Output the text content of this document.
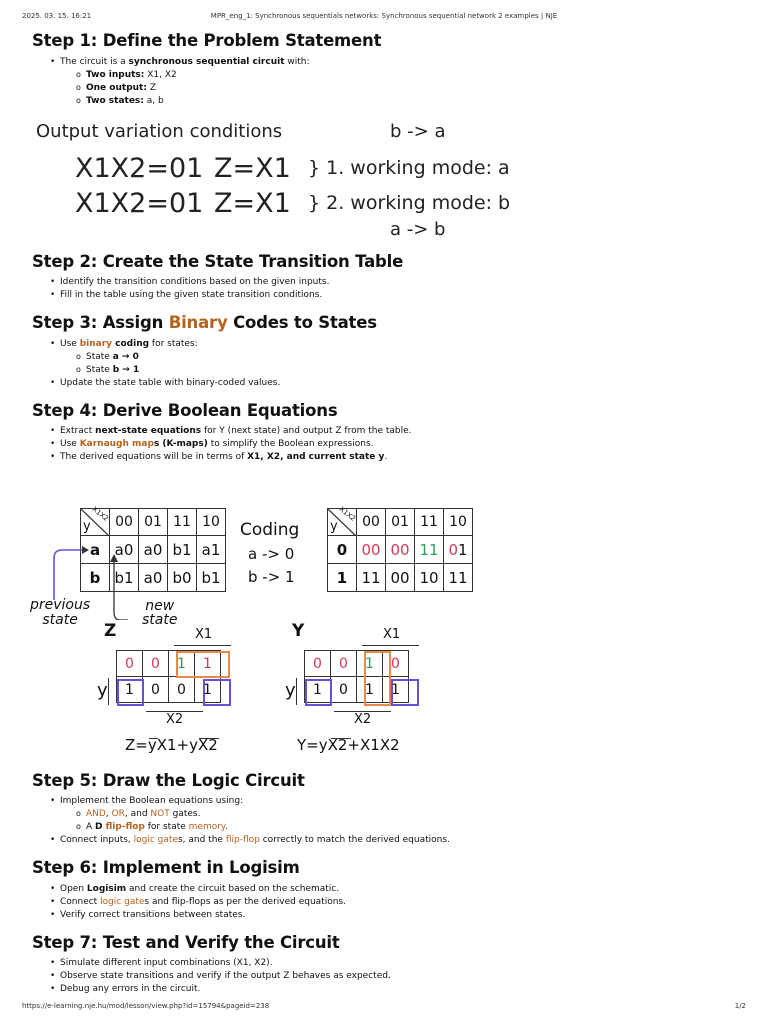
2025. 03. 15. 16:21	MPR_eng_1: Synchronous sequentials networks: Synchronous sequential network 2 examples | NJE
Step 1: Define the Problem Statement
• The circuit is a synchronous sequential circuit with:
o Two inputs: X1, X2
o One output: Z
o Two states: a, b
Output variation conditions	b -> a
X1X2=01 Z=X1 } 1. working mode: a
X1X2=01 Z=X1 } 2. working mode: b
a -> b
Step 2: Create the State Transition Table
• Identify the transition conditions based on the given inputs.
• Fill in the table using the given state transition conditions.
Step 3: Assign Binary Codes to States
• Use binary coding for states:
o State a → 0
o State b → 1
• Update the state table with binary-coded values.
Step 4: Derive Boolean Equations
• Extract next-state equations for Y (next state) and output Z from the table.
• Use Karnaugh maps (K-maps) to simplify the Boolean expressions.
• The derived equations will be in terms of X1, X2, and current state y.
y
X1X2	00	01	11	10
a	a0	a0	b1	a1
b	b1	a0	b0	b1
previous
state
new
state
Coding
a -> 0
b -> 1
y
X1X2	00	01	11	10
0	00	00	11	01
1	11	00	10	11
Z	X1
0	0	1	1
1	0	0	1
y
X2
Z=yX1+yX2
Y	X1
0	0	1	0
1	0	1	1
y
X2
Y=yX2+X1X2
Step 5: Draw the Logic Circuit
• Implement the Boolean equations using:
o AND, OR, and NOT gates.
o A D flip-flop for state memory.
• Connect inputs, logic gates, and the flip-flop correctly to match the derived equations.
Step 6: Implement in Logisim
• Open Logisim and create the circuit based on the schematic.
• Connect logic gates and flip-flops as per the derived equations.
• Verify correct transitions between states.
Step 7: Test and Verify the Circuit
• Simulate different input combinations (X1, X2).
• Observe state transitions and verify if the output Z behaves as expected.
• Debug any errors in the circuit.
https://e-learning.nje.hu/mod/lesson/view.php?id=15794&pageid=238	1/2
